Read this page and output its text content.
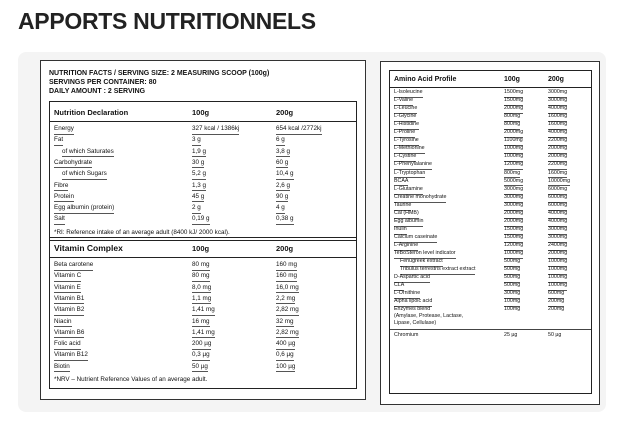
APPORTS NUTRITIONNELS
NUTRITION FACTS / SERVING SIZE: 2 MEASURING SCOOP (100g)
SERVINGS PER CONTAINER: 80
DAILY AMOUNT : 2 SERVING
Nutrition Declaration	100g	200g
Energy	327 kcal / 1386kj	654 kcal /2772kj
Fat	3 g	6 g
of which Saturates	1,9 g	3,8 g
Carbohydrate	30 g	60 g
of which Sugars	5,2 g	10,4 g
Fibre	1,3 g	2,6 g
Protein	45 g	90 g
Egg albumin (protein)	2 g	4 g
Salt	0,19 g	0,38 g
*RI: Reference intake of an average adult (8400 kJ/ 2000 kcal).
Vitamin Complex	100g	200g
Beta carotene	80 mg	160 mg
Vitamin C	80 mg	160 mg
Vitamin E	8,0 mg	16,0 mg
Vitamin B1	1,1 mg	2,2 mg
Vitamin B2	1,41 mg	2,82 mg
Niacin	16 mg	32 mg
Vitamin B6	1,41 mg	2,82 mg
Folic acid	200 µg	400 µg
Vitamin B12	0,3 µg	0,6 µg
Biotin	50 µg	100 µg
*NRV – Nutrient Reference Values of an average adult.
Amino Acid Profile	100g	200g
L-Isoleucine	1500mg	3000mg
L-Valine	1500mg	3000mg
L-Leucine	2000mg	4000mg
L-Glycine	800mg	1600mg
L-Histidine	800mg	1600mg
L-Proline	2000mg	4000mg
L-Tyrosine	1100mg	2200mg
L-Methionine	1000mg	2000mg
L-Cystine	1000mg	2000mg
L-Phenylalanine	1200mg	2200mg
L-Tryptophan	800mg	1600mg
BCAA	5000mg	10000mg
L-Glutamine	3000mg	6000mg
Creatine monohydrate	3000mg	6000mg
Taurine	3000mg	6000mg
Cal (HMB)	2000mg	4000mg
Egg albumin	2000mg	4000mg
Inulin	1500mg	3000mg
Calcium caseinate	1500mg	3000mg
L-Arginine	1200mg	2400mg
TeBoSteron level indicator	1000mg	2000mg
Fenugreek extract	500mg	1000mg
Tribulus terrestris extract extract	500mg	1000mg
D-Aspartic acid	500mg	1000mg
CLA	500mg	1000mg
L-Ornithine	300mg	600mg
Alpha lipoic acid	100mg	200mg
Enzymes blend
(Amylase, Protease, Lactase,
Lipase, Cellulase)
100mg	200mg
Chromium	25 µg	50 µg
